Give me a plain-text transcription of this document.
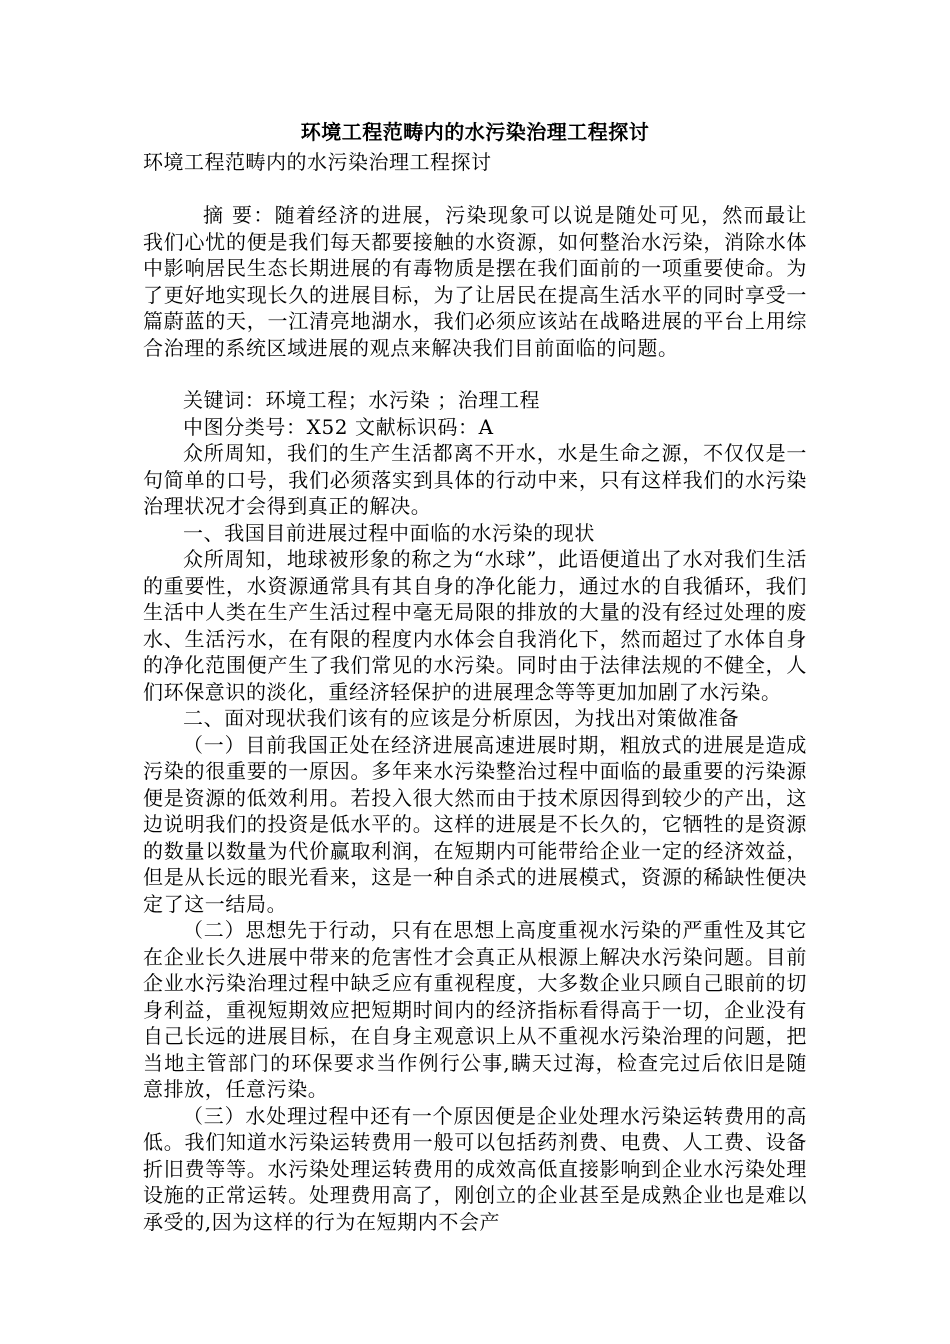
环境工程范畴内的水污染治理工程探讨
环境工程范畴内的水污染治理工程探讨

摘 要：随着经济的进展，污染现象可以说是随处可见，然而最让我们心忧的便是我们每天都要接触的水资源，如何整治水污染，消除水体中影响居民生态长期进展的有毒物质是摆在我们面前的一项重要使命。为了更好地实现长久的进展目标，为了让居民在提高生活水平的同时享受一篇蔚蓝的天，一江清亮地湖水，我们必须应该站在战略进展的平台上用综合治理的系统区域进展的观点来解决我们目前面临的问题。

关键词：环境工程；水污染 ；治理工程

中图分类号：X52 文献标识码：A

众所周知，我们的生产生活都离不开水，水是生命之源，不仅仅是一句简单的口号，我们必须落实到具体的行动中来，只有这样我们的水污染治理状况才会得到真正的解决。

一、我国目前进展过程中面临的水污染的现状

众所周知，地球被形象的称之为“水球”，此语便道出了水对我们生活的重要性，水资源通常具有其自身的净化能力，通过水的自我循环，我们生活中人类在生产生活过程中毫无局限的排放的大量的没有经过处理的废水、生活污水，在有限的程度内水体会自我消化下，然而超过了水体自身的净化范围便产生了我们常见的水污染。同时由于法律法规的不健全，人们环保意识的淡化，重经济轻保护的进展理念等等更加加剧了水污染。

二、面对现状我们该有的应该是分析原因，为找出对策做准备

（一）目前我国正处在经济进展高速进展时期，粗放式的进展是造成污染的很重要的一原因。多年来水污染整治过程中面临的最重要的污染源便是资源的低效利用。若投入很大然而由于技术原因得到较少的产出，这边说明我们的投资是低水平的。这样的进展是不长久的，它牺牲的是资源的数量以数量为代价赢取利润，在短期内可能带给企业一定的经济效益，但是从长远的眼光看来，这是一种自杀式的进展模式，资源的稀缺性便决定了这一结局。

（二）思想先于行动，只有在思想上高度重视水污染的严重性及其它在企业长久进展中带来的危害性才会真正从根源上解决水污染问题。目前企业水污染治理过程中缺乏应有重视程度，大多数企业只顾自己眼前的切身利益，重视短期效应把短期时间内的经济指标看得高于一切，企业没有自己长远的进展目标，在自身主观意识上从不重视水污染治理的问题，把当地主管部门的环保要求当作例行公事,瞒天过海，检查完过后依旧是随意排放，任意污染。

（三）水处理过程中还有一个原因便是企业处理水污染运转费用的高低。我们知道水污染运转费用一般可以包括药剂费、电费、人工费、设备折旧费等等。水污染处理运转费用的成效高低直接影响到企业水污染处理设施的正常运转。处理费用高了，刚创立的企业甚至是成熟企业也是难以承受的,因为这样的行为在短期内不会产
